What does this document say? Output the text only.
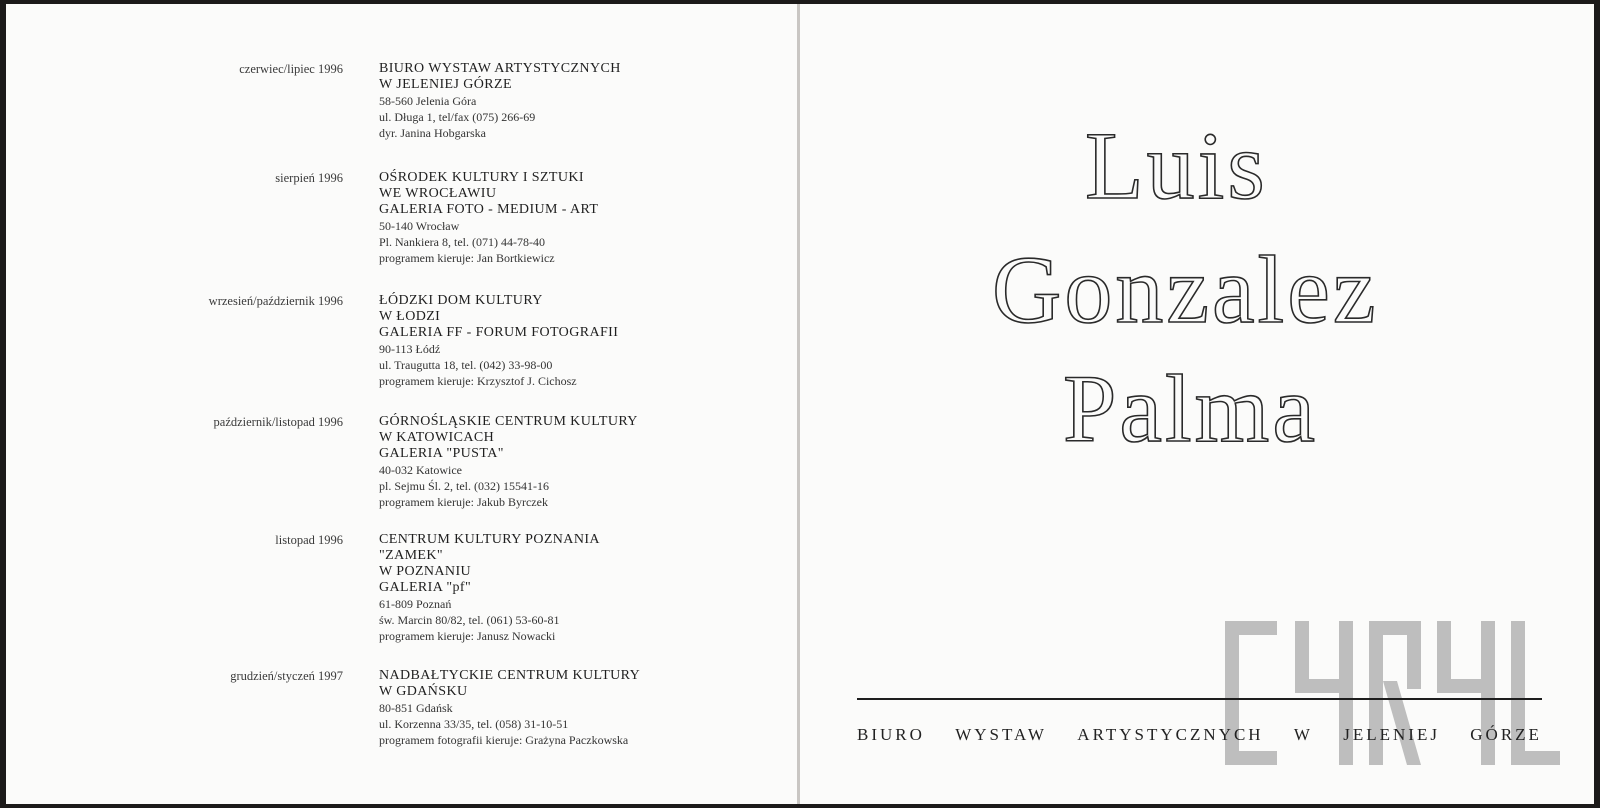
czerwiec/lipiec 1996	BIURO WYSTAW ARTYSTYCZNYCH
W JELENIEJ GÓRZE
58-560 Jelenia Góra
ul. Długa 1, tel/fax (075) 266-69
dyr. Janina Hobgarska
sierpień 1996	OŚRODEK KULTURY I SZTUKI
WE WROCŁAWIU
GALERIA FOTO - MEDIUM - ART
50-140 Wrocław
Pl. Nankiera 8, tel. (071) 44-78-40
programem kieruje: Jan Bortkiewicz
wrzesień/październik 1996	ŁÓDZKI DOM KULTURY
W ŁODZI
GALERIA FF - FORUM FOTOGRAFII
90-113 Łódź
ul. Traugutta 18, tel. (042) 33-98-00
programem kieruje: Krzysztof J. Cichosz
październik/listopad 1996	GÓRNOŚLĄSKIE CENTRUM KULTURY
W KATOWICACH
GALERIA "PUSTA"
40-032 Katowice
pl. Sejmu Śl. 2, tel. (032) 15541-16
programem kieruje: Jakub Byrczek
listopad 1996	CENTRUM KULTURY POZNANIA
"ZAMEK"
W POZNANIU
GALERIA "pf"
61-809 Poznań
św. Marcin 80/82, tel. (061) 53-60-81
programem kieruje: Janusz Nowacki
grudzień/styczeń 1997	NADBAŁTYCKIE CENTRUM KULTURY
W GDAŃSKU
80-851 Gdańsk
ul. Korzenna 33/35, tel. (058) 31-10-51
programem fotografii kieruje: Grażyna Paczkowska
Luis
Gonzalez
Palma
BIURO WYSTAW ARTYSTYCZNYCH W JELENIEJ GÓRZE
